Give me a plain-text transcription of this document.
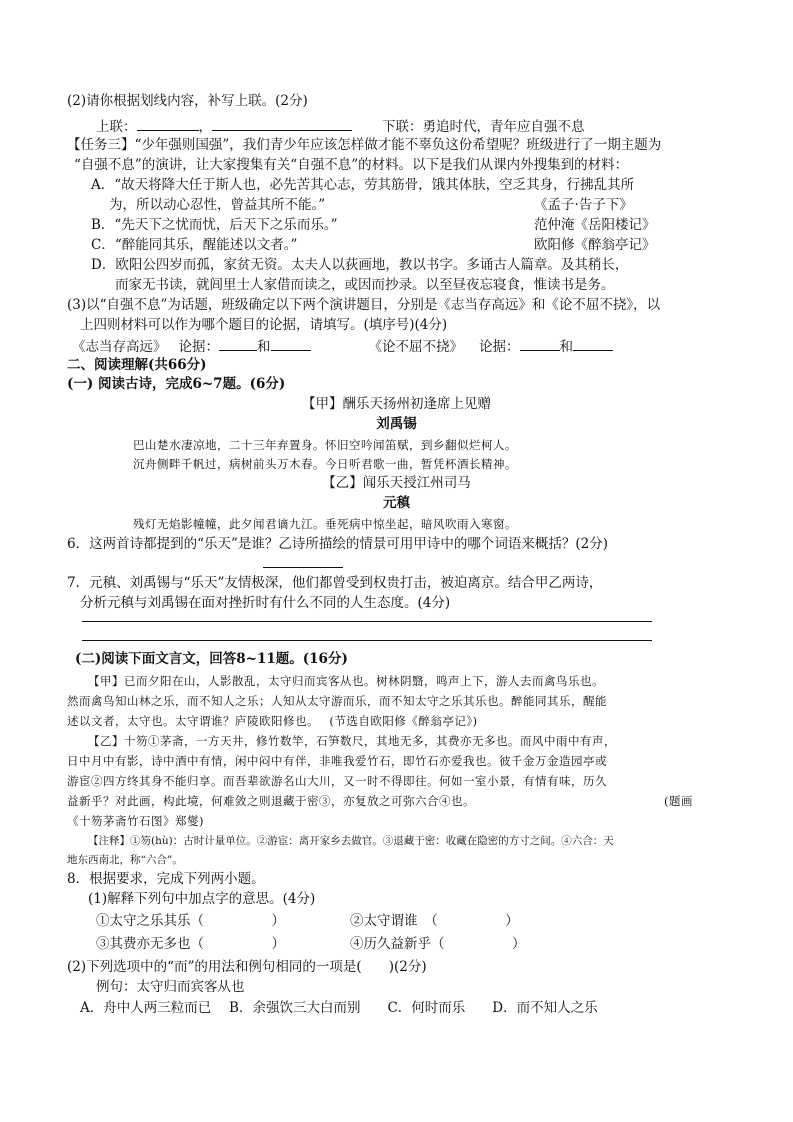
(2)请你根据划线内容，补写上联。(2分)
上联：	，	下联：勇追时代，青年应自强不息
【任务三】“少年强则国强”，我们青少年应该怎样做才能不辜负这份希望呢？班级进行了一期主题为
“自强不息”的演讲，让大家搜集有关“自强不息”的材料。以下是我们从课内外搜集到的材料：
A．“故天将降大任于斯人也，必先苦其心志，劳其筋骨，饿其体肤，空乏其身，行拂乱其所
为，所以动心忍性，曾益其所不能。”	《孟子·告子下》
B．“先天下之忧而忧，后天下之乐而乐。”	范仲淹《岳阳楼记》
C．“醉能同其乐，醒能述以文者。”	欧阳修《醉翁亭记》
D．欧阳公四岁而孤，家贫无资。太夫人以荻画地，教以书字。多诵古人篇章。及其稍长，
而家无书读，就闾里士人家借而读之，或因而抄录。以至昼夜忘寝食，惟读书是务。
(3)以“自强不息”为话题，班级确定以下两个演讲题目，分别是《志当存高远》和《论不屈不挠》，以
上四则材料可以作为哪个题目的论据，请填写。(填序号)(4分)
《志当存高远》 论据：	和	《论不屈不挠》 论据：	和
二、阅读理解(共66分)
(一) 阅读古诗，完成6~7题。(6分)
【甲】酬乐天扬州初逢席上见赠
刘禹锡
巴山楚水凄凉地，二十三年弃置身。怀旧空吟闻笛赋，到乡翻似烂柯人。
沉舟侧畔千帆过，病树前头万木春。今日听君歌一曲，暂凭杯酒长精神。
【乙】闻乐天授江州司马
元稹
残灯无焰影幢幢，此夕闻君谪九江。垂死病中惊坐起，暗风吹雨入寒窗。
6．这两首诗都提到的“乐天”是谁？乙诗所描绘的情景可用甲诗中的哪个词语来概括？(2分)
7．元稹、刘禹锡与“乐天”友情极深，他们都曾受到权贵打击，被迫离京。结合甲乙两诗，
分析元稹与刘禹锡在面对挫折时有什么不同的人生态度。(4分)
(二)阅读下面文言文，回答8~11题。(16分)
【甲】已而夕阳在山，人影散乱，太守归而宾客从也。树林阴翳，鸣声上下，游人去而禽鸟乐也。
然而禽鸟知山林之乐，而不知人之乐；人知从太守游而乐，而不知太守之乐其乐也。醉能同其乐，醒能
述以文者，太守也。太守谓谁？庐陵欧阳修也。　 (节选自欧阳修《醉翁亭记》)
【乙】十笏①茅斋，一方天井，修竹数竿，石笋数尺，其地无多，其费亦无多也。而风中雨中有声，
日中月中有影，诗中酒中有情，闲中闷中有伴，非唯我爱竹石，即竹石亦爱我也。彼千金万金造园亭或
游宦②四方终其身不能归享。而吾辈欲游名山大川，又一时不得即往。何如一室小景，有情有味，历久
益新乎？对此画，构此境，何难敛之则退藏于密③，亦复放之可弥六合④也。	(题画
《十笏茅斋竹石图》郑燮)
【注释】①笏(hù)：古时计量单位。②游宦：离开家乡去做官。③退藏于密：收藏在隐密的方寸之间。④六合：天
地东西南北，称“六合”。
8．根据要求，完成下列两小题。
(1)解释下列句中加点字的意思。(4分)
①太守之乐其乐（　　　　　）	②太守谓谁　（　　　　　）
③其费亦无多也（　　　　　）	④历久益新乎（　　　　　）
(2)下列选项中的“而”的用法和例句相同的一项是(　　)(2分)
例句：太守归而宾客从也
A．舟中人两三粒而已　 B．余强饮三大白而别　　C．何时而乐　　D．而不知人之乐
